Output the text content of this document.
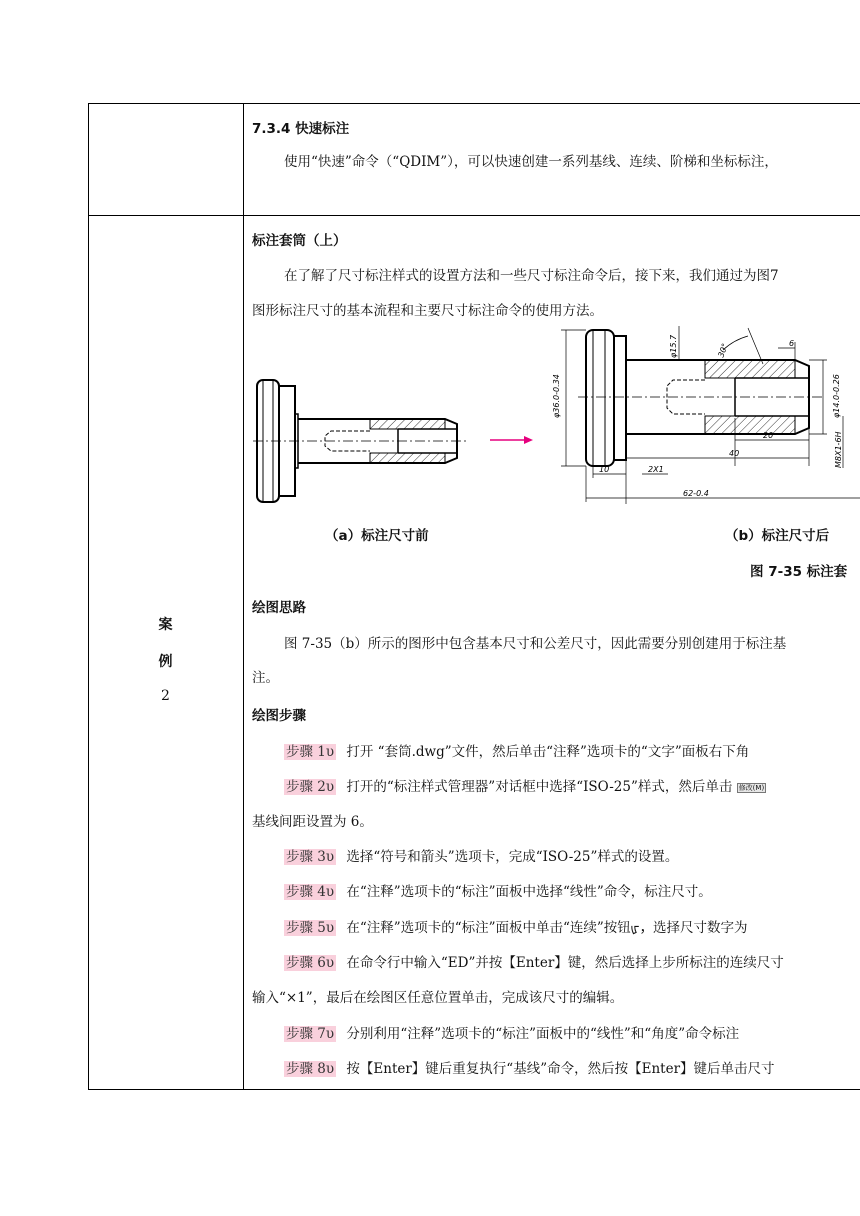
7.3.4 快速标注
使用“快速”命令（“QDIM”），可以快速创建一系列基线、连续、阶梯和坐标标注，
案
例
2
标注套筒（上）
在了解了尺寸标注样式的设置方法和一些尺寸标注命令后，接下来，我们通过为图7
图形标注尺寸的基本流程和主要尺寸标注命令的使用方法。
φ15.7	30°	6
φ36.0-0.34	φ14.0-0.26
20	M8X1-6H
40
10	2X1
62-0.4
（a）标注尺寸前	（b）标注尺寸后
图 7-35 标注套
绘图思路
图 7-35（b）所示的图形中包含基本尺寸和公差尺寸，因此需要分别创建用于标注基
注。
绘图步骤
步骤 1υ 打开 “套筒.dwg”文件，然后单击“注释”选项卡的“文字”面板右下角
步骤 2υ 打开的“标注样式管理器”对话框中选择“ISO-25”样式，然后单击 修改(M)
基线间距设置为 6。
步骤 3υ 选择“符号和箭头”选项卡，完成“ISO-25”样式的设置。
步骤 4υ 在“注释”选项卡的“标注”面板中选择“线性”命令，标注尺寸。
步骤 5υ 在“注释”选项卡的“标注”面板中单击“连续”按钮ᡁ，选择尺寸数字为
步骤 6υ 在命令行中输入“ED”并按【Enter】键，然后选择上步所标注的连续尺寸
输入“×1”，最后在绘图区任意位置单击，完成该尺寸的编辑。
步骤 7υ 分别利用“注释”选项卡的“标注”面板中的“线性”和“角度”命令标注
步骤 8υ 按【Enter】键后重复执行“基线”命令，然后按【Enter】键后单击尺寸
